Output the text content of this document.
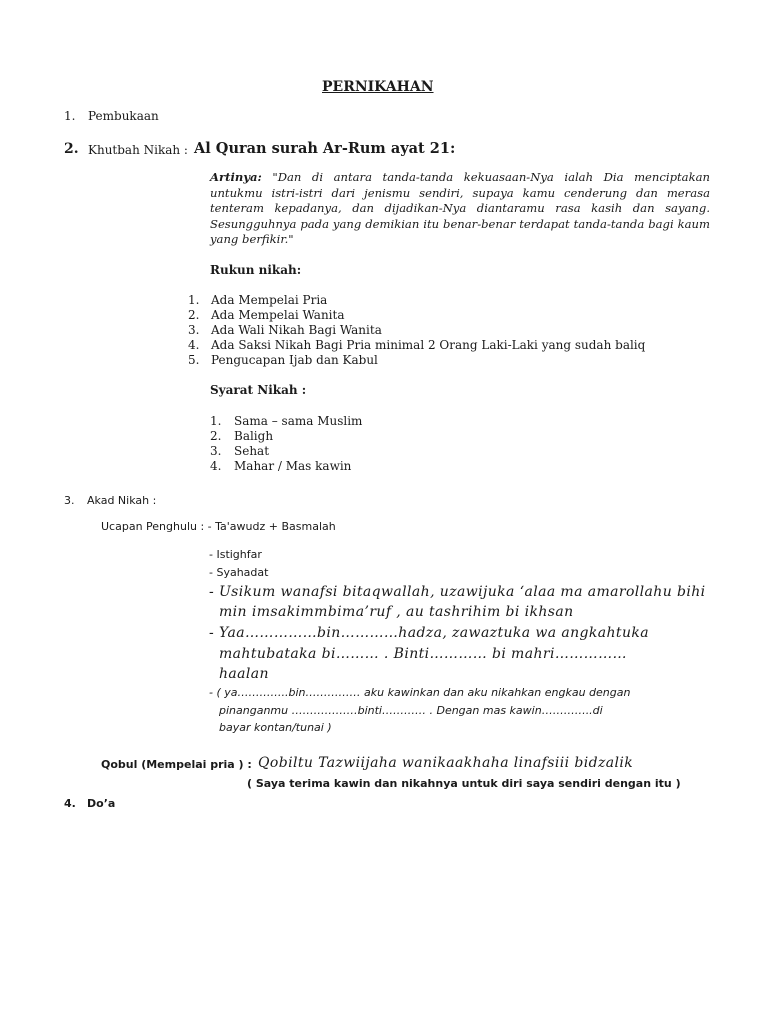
PERNIKAHAN
1. Pembukaan
2. Khutbah Nikah : Al Quran surah Ar-Rum ayat 21:
Artinya: "Dan di antara tanda-tanda kekuasaan-Nya ialah Dia menciptakan untukmu istri-istri dari jenismu sendiri, supaya kamu cenderung dan merasa tenteram kepadanya, dan dijadikan-Nya diantaramu rasa kasih dan sayang. Sesungguhnya pada yang demikian itu benar-benar terdapat tanda-tanda bagi kaum yang berfikir."
Rukun nikah:
1. Ada Mempelai Pria
2. Ada Mempelai Wanita
3. Ada Wali Nikah Bagi Wanita
4. Ada Saksi Nikah Bagi Pria minimal 2 Orang Laki-Laki yang sudah baliq
5. Pengucapan Ijab dan Kabul
Syarat Nikah :
1. Sama – sama Muslim
2. Baligh
3. Sehat
4. Mahar / Mas kawin
3. Akad Nikah :
Ucapan Penghulu : - Ta'awudz + Basmalah
- Istighfar
- Syahadat
- Usikum wanafsi bitaqwallah, uzawijuka ‘alaa ma amarollahu bihi
min imsakimmbima’ruf , au tashrihim bi ikhsan
- Yaa……………bin…………hadza, zawaztuka wa angkahtuka
mahtubataka bi……… . Binti………… bi mahri……………
haalan
- ( ya…………..bin…………… aku kawinkan dan aku nikahkan engkau dengan
pinanganmu ………………binti………… . Dengan mas kawin…………..di
bayar kontan/tunai )
Qobul (Mempelai pria ) : Qobiltu Tazwiijaha wanikaakhaha linafsiii bidzalik
( Saya terima kawin dan nikahnya untuk diri saya sendiri dengan itu )
4. Do’a
